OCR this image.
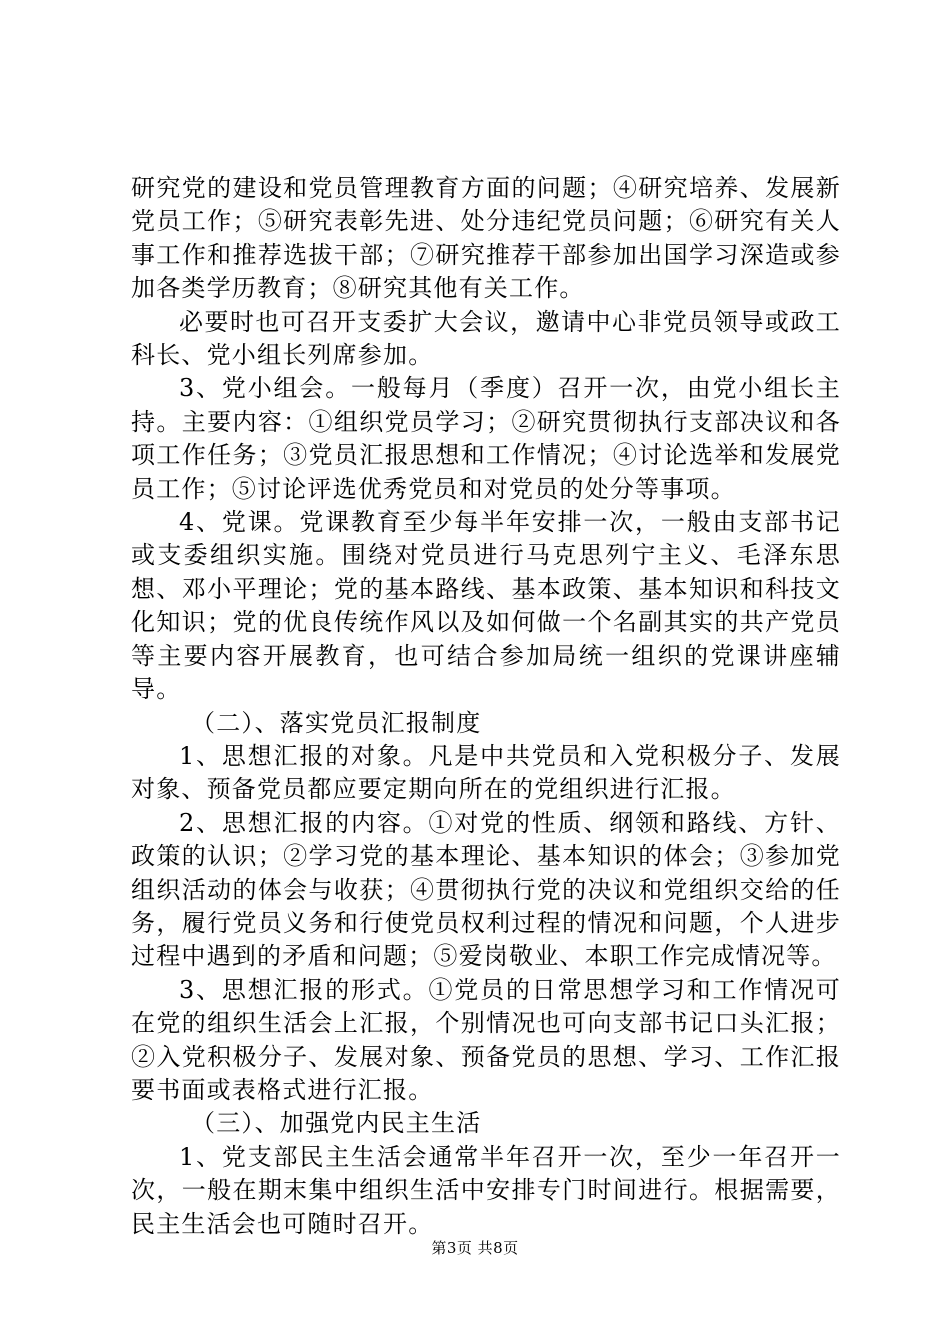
研究党的建设和党员管理教育方面的问题；④研究培养、发展新党员工作；⑤研究表彰先进、处分违纪党员问题；⑥研究有关人事工作和推荐选拔干部；⑦研究推荐干部参加出国学习深造或参加各类学历教育；⑧研究其他有关工作。

必要时也可召开支委扩大会议，邀请中心非党员领导或政工科长、党小组长列席参加。

3、党小组会。一般每月（季度）召开一次，由党小组长主持。主要内容：①组织党员学习；②研究贯彻执行支部决议和各项工作任务；③党员汇报思想和工作情况；④讨论选举和发展党员工作；⑤讨论评选优秀党员和对党员的处分等事项。

4、党课。党课教育至少每半年安排一次，一般由支部书记或支委组织实施。围绕对党员进行马克思列宁主义、毛泽东思想、邓小平理论；党的基本路线、基本政策、基本知识和科技文化知识；党的优良传统作风以及如何做一个名副其实的共产党员等主要内容开展教育，也可结合参加局统一组织的党课讲座辅导。

（二）、落实党员汇报制度

1、思想汇报的对象。凡是中共党员和入党积极分子、发展对象、预备党员都应要定期向所在的党组织进行汇报。

2、思想汇报的内容。①对党的性质、纲领和路线、方针、政策的认识；②学习党的基本理论、基本知识的体会；③参加党组织活动的体会与收获；④贯彻执行党的决议和党组织交给的任务，履行党员义务和行使党员权利过程的情况和问题，个人进步过程中遇到的矛盾和问题；⑤爱岗敬业、本职工作完成情况等。

3、思想汇报的形式。①党员的日常思想学习和工作情况可在党的组织生活会上汇报，个别情况也可向支部书记口头汇报；②入党积极分子、发展对象、预备党员的思想、学习、工作汇报要书面或表格式进行汇报。

（三）、加强党内民主生活

1、党支部民主生活会通常半年召开一次，至少一年召开一次，一般在期末集中组织生活中安排专门时间进行。根据需要，民主生活会也可随时召开。

第3页 共8页
